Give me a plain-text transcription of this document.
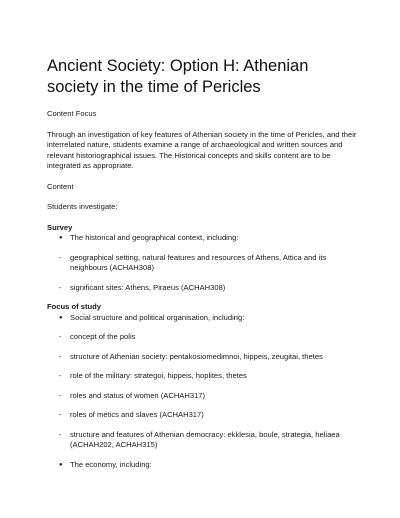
Ancient Society: Option H: Athenian society in the time of Pericles

Content Focus

Through an investigation of key features of Athenian society in the time of Pericles, and their interrelated nature, students examine a range of archaeological and written sources and relevant historiographical issues. The Historical concepts and skills content are to be integrated as appropriate.

Content

Students investigate:

Survey

● The historical and geographical context, including:
- geographical setting, natural features and resources of Athens, Attica and its neighbours (ACHAH308)
- significant sites: Athens, Piraeus (ACHAH308)

Focus of study

● Social structure and political organisation, including:
- concept of the polis
- structure of Athenian society: pentakosiomedimnoi, hippeis, zeugitai, thetes
- role of the military: strategoi, hippeis, hoplites, thetes
- roles and status of women (ACHAH317)
- roles of metics and slaves (ACHAH317)
- structure and features of Athenian democracy: ekklesia, boule, strategia, heliaea (ACHAH202, ACHAH315)
● The economy, including:
